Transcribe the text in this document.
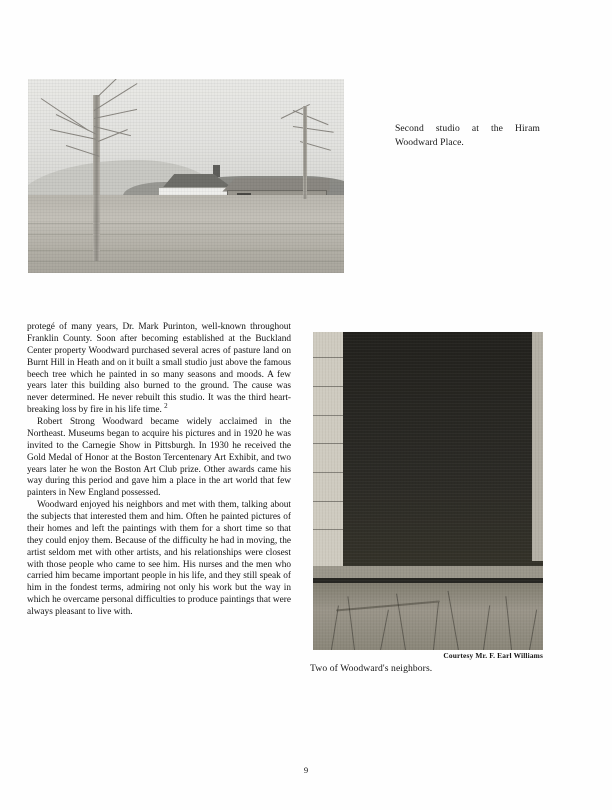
Second studio at the Hiram Woodward Place.

protegé of many years, Dr. Mark Purinton, well-known throughout Franklin County. Soon after becoming established at the Buckland Center property Woodward purchased several acres of pasture land on Burnt Hill in Heath and on it built a small studio just above the famous beech tree which he painted in so many seasons and moods. A few years later this building also burned to the ground. The cause was never determined. He never rebuilt this studio. It was the third heart-breaking loss by fire in his life time. $^2$

Robert Strong Woodward became widely acclaimed in the Northeast. Museums began to acquire his pictures and in 1920 he was invited to the Carnegie Show in Pittsburgh. In 1930 he received the Gold Medal of Honor at the Boston Tercentenary Art Exhibit, and two years later he won the Boston Art Club prize. Other awards came his way during this period and gave him a place in the art world that few painters in New England possessed.

Woodward enjoyed his neighbors and met with them, talking about the subjects that interested them and him. Often he painted pictures of their homes and left the paintings with them for a short time so that they could enjoy them. Because of the difficulty he had in moving, the artist seldom met with other artists, and his relationships were closest with those people who came to see him. His nurses and the men who carried him became important people in his life, and they still speak of him in the fondest terms, admiring not only his work but the way in which he overcame personal difficulties to produce paintings that were always pleasant to live with.

Courtesy Mr. F. Earl Williams
Two of Woodward's neighbors.
9
